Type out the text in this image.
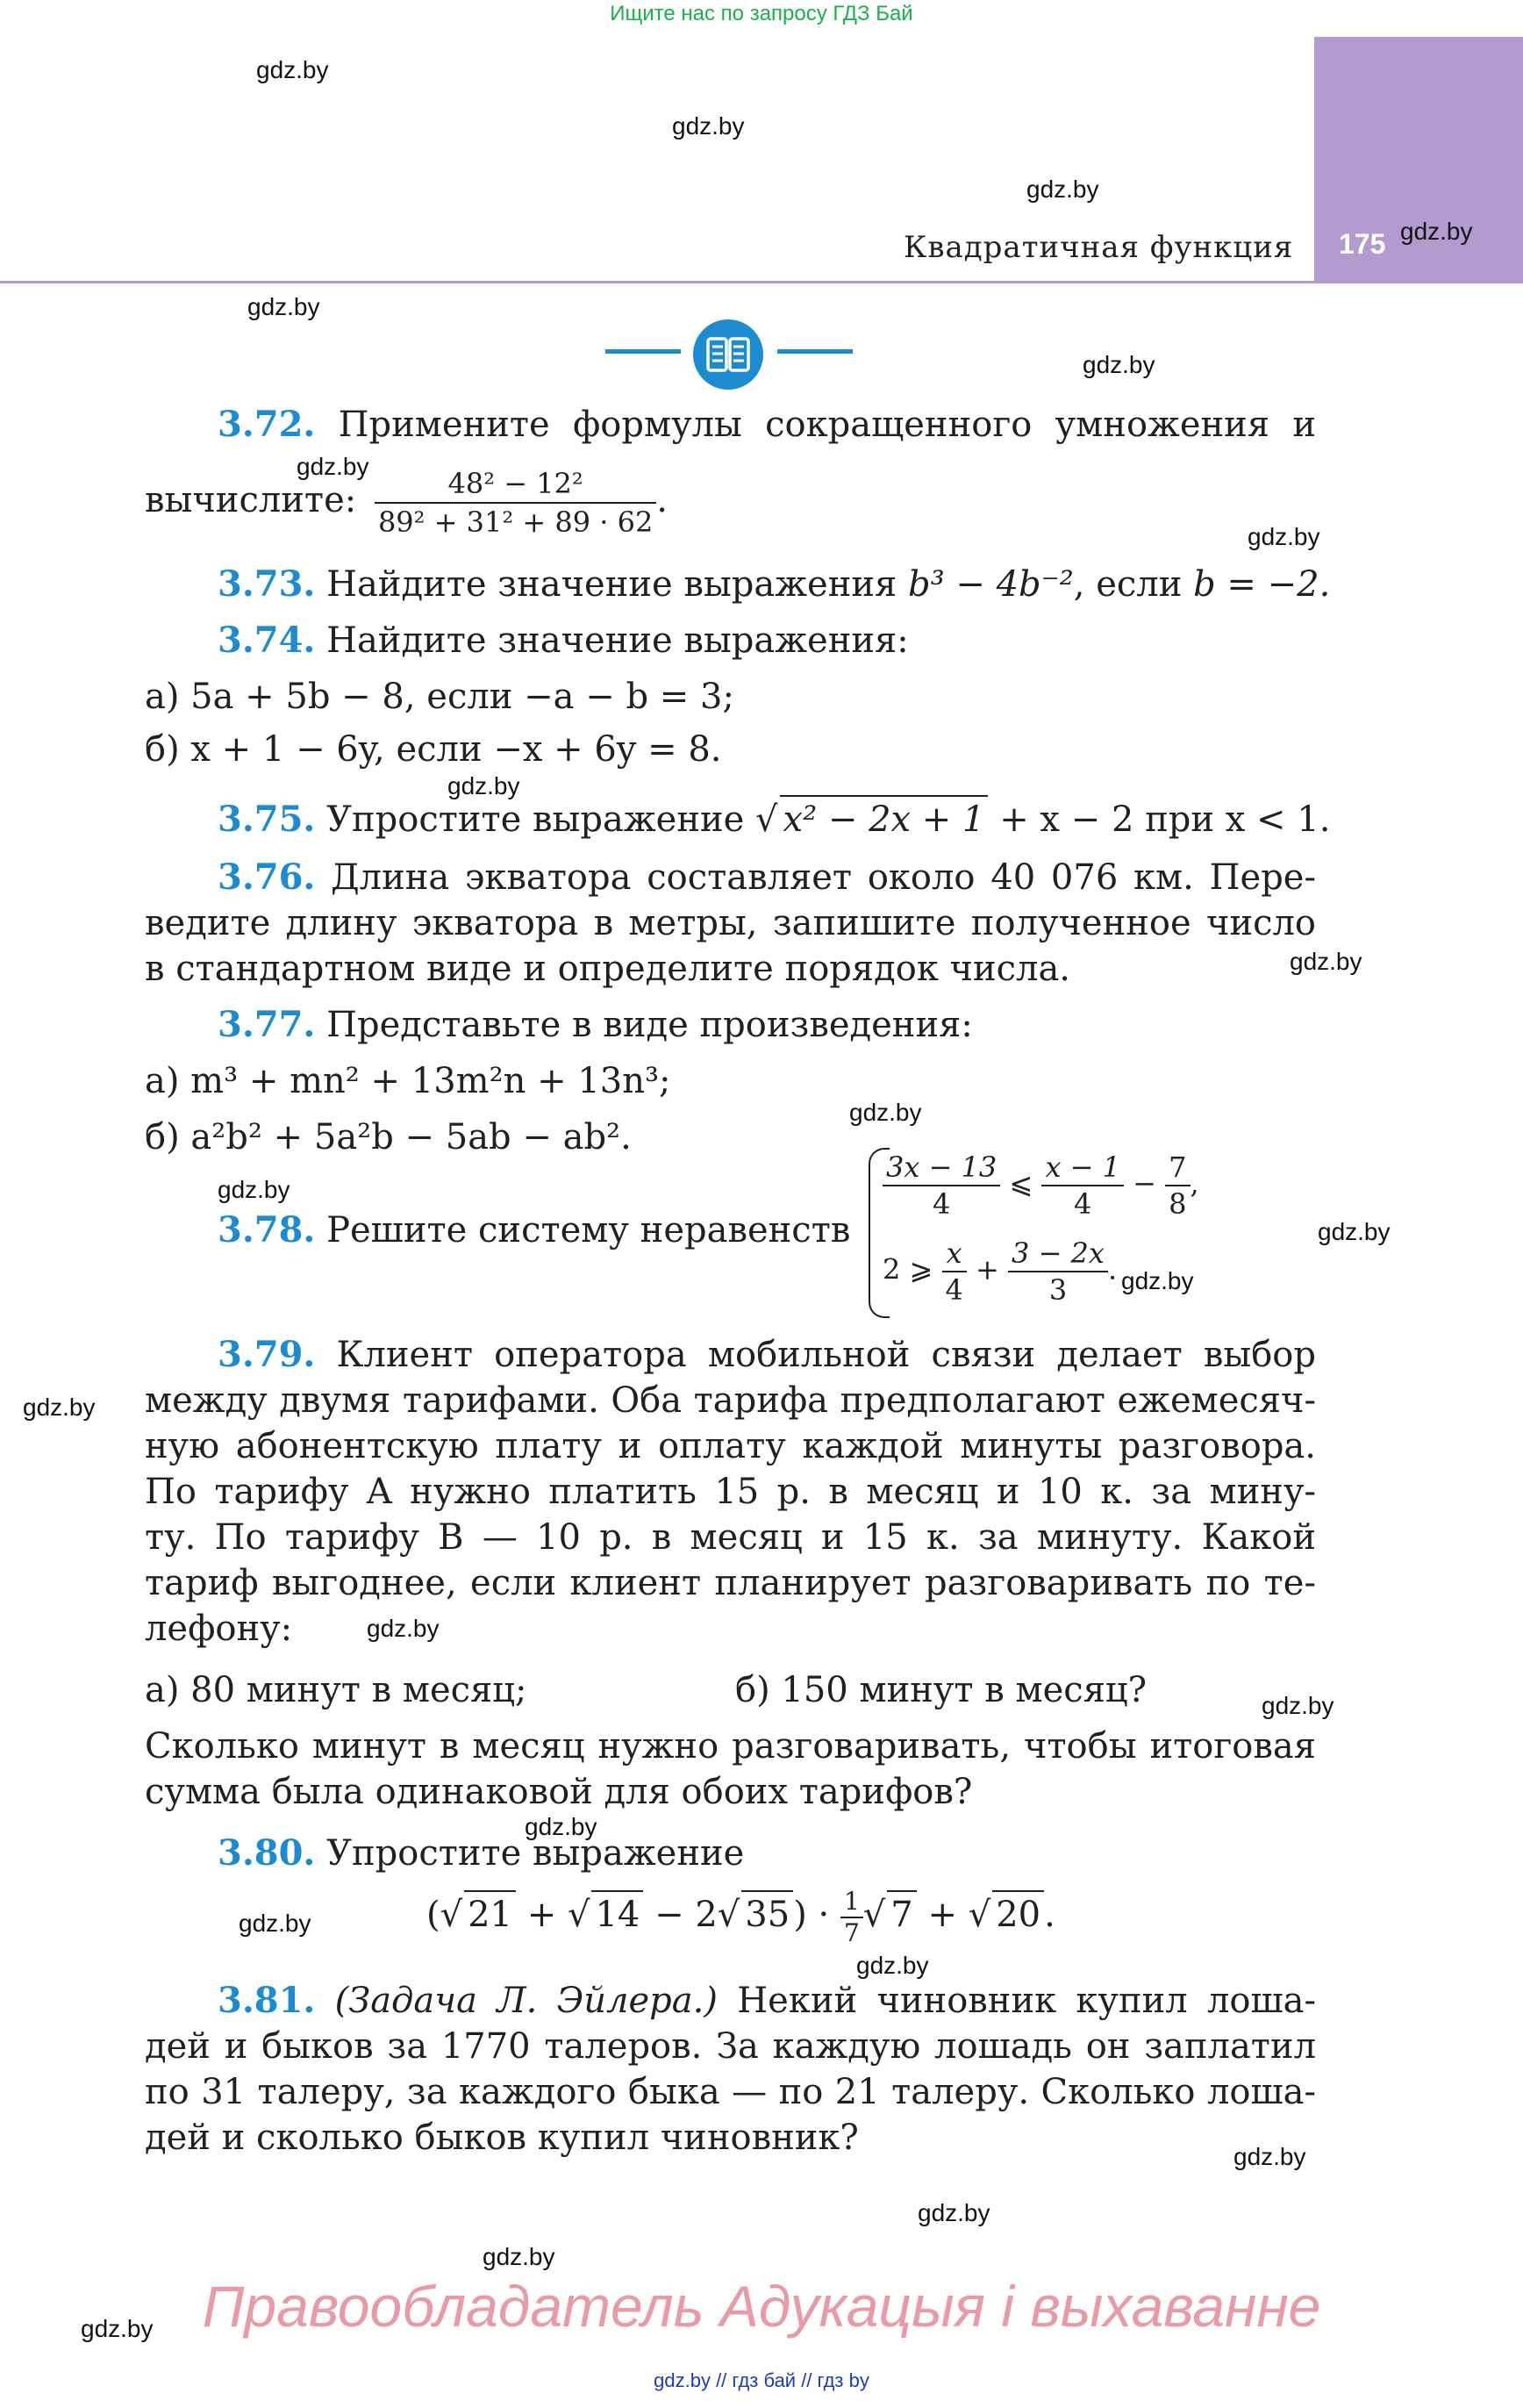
Ищите нас по запросу ГДЗ Бай
175
Квадратичная функция
3.72. Примените формулы сокращенного умножения и
вычислите: $\frac{\text{48² − 12²}}{\text{89² + 31² + 89 · 62}}$ .
3.73. Найдите значение выражения b³ − 4b⁻², если b = −2.
3.74. Найдите значение выражения:
а) 5a + 5b − 8, если −a − b = 3;
б) x + 1 − 6y, если −x + 6y = 8.
3.75. Упростите выражение √ x² − 2x + 1 + x − 2 при x < 1.
3.76. Длина экватора составляет около 40 076 км. Пере-
ведите длину экватора в метры, запишите полученное число
в стандартном виде и определите порядок числа.
3.77. Представьте в виде произведения:
а) m³ + mn² + 13m²n + 13n³;
б) a²b² + 5a²b − 5ab − ab².
3.78. Решите систему неравенств
$\frac{3x - 13}{4}$ ⩽ $\frac{x - 1}{4} - \frac{7}{8}$ ,
2 ⩾ $\frac{x}{4} + \frac{3 - 2x}{3}$ .
3.79. Клиент оператора мобильной связи делает выбор
между двумя тарифами. Оба тарифа предполагают ежемесяч-
ную абонентскую плату и оплату каждой минуты разговора.
По тарифу A нужно платить 15 р. в месяц и 10 к. за мину-
ту. По тарифу B — 10 р. в месяц и 15 к. за минуту. Какой
тариф выгоднее, если клиент планирует разговаривать по те-
лефону:
а) 80 минут в месяц;	б) 150 минут в месяц?
Сколько минут в месяц нужно разговаривать, чтобы итоговая
сумма была одинаковой для обоих тарифов?
3.80. Упростите выражение
(√ 21 + √ 14 − 2√ 35 ) · $\frac{1}{7}$ √ 7 + √ 20 .
3.81. (Задача Л. Эйлера.) Некий чиновник купил лоша-
дей и быков за 1770 талеров. За каждую лошадь он заплатил
по 31 талеру, за каждого быка — по 21 талеру. Сколько лоша-
дей и сколько быков купил чиновник?
gdz.by
gdz.by
gdz.by
gdz.by
gdz.by
gdz.by
gdz.by
gdz.by
gdz.by
gdz.by
gdz.by
gdz.by
gdz.by
gdz.by
gdz.by
gdz.by
gdz.by
gdz.by
gdz.by
gdz.by
gdz.by
gdz.by
gdz.by
gdz.by Правообладатель Адукацыя і выхаванне
gdz.by // гдз бай // гдз by
